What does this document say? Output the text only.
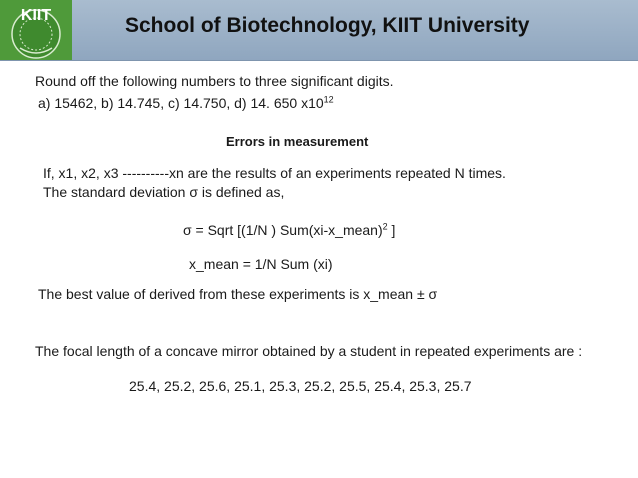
KIIT	School of Biotechnology, KIIT University
Round off the following numbers to three significant digits.
a) 15462, b) 14.745, c) 14.750, d) 14. 650 $x10^{12}$
Errors in measurement
If, x1, x2, x3 ----------xn are the results of an experiments repeated N times.
The standard deviation σ is defined as,
σ = Sqrt [(1/N ) Sum(xi-x_mean)$^2$ ]
x_mean = 1/N Sum (xi)
The best value of derived from these experiments is x_mean ± σ
The focal length of a concave mirror obtained by a student in repeated experiments are :
25.4, 25.2, 25.6, 25.1, 25.3, 25.2, 25.5, 25.4, 25.3, 25.7
